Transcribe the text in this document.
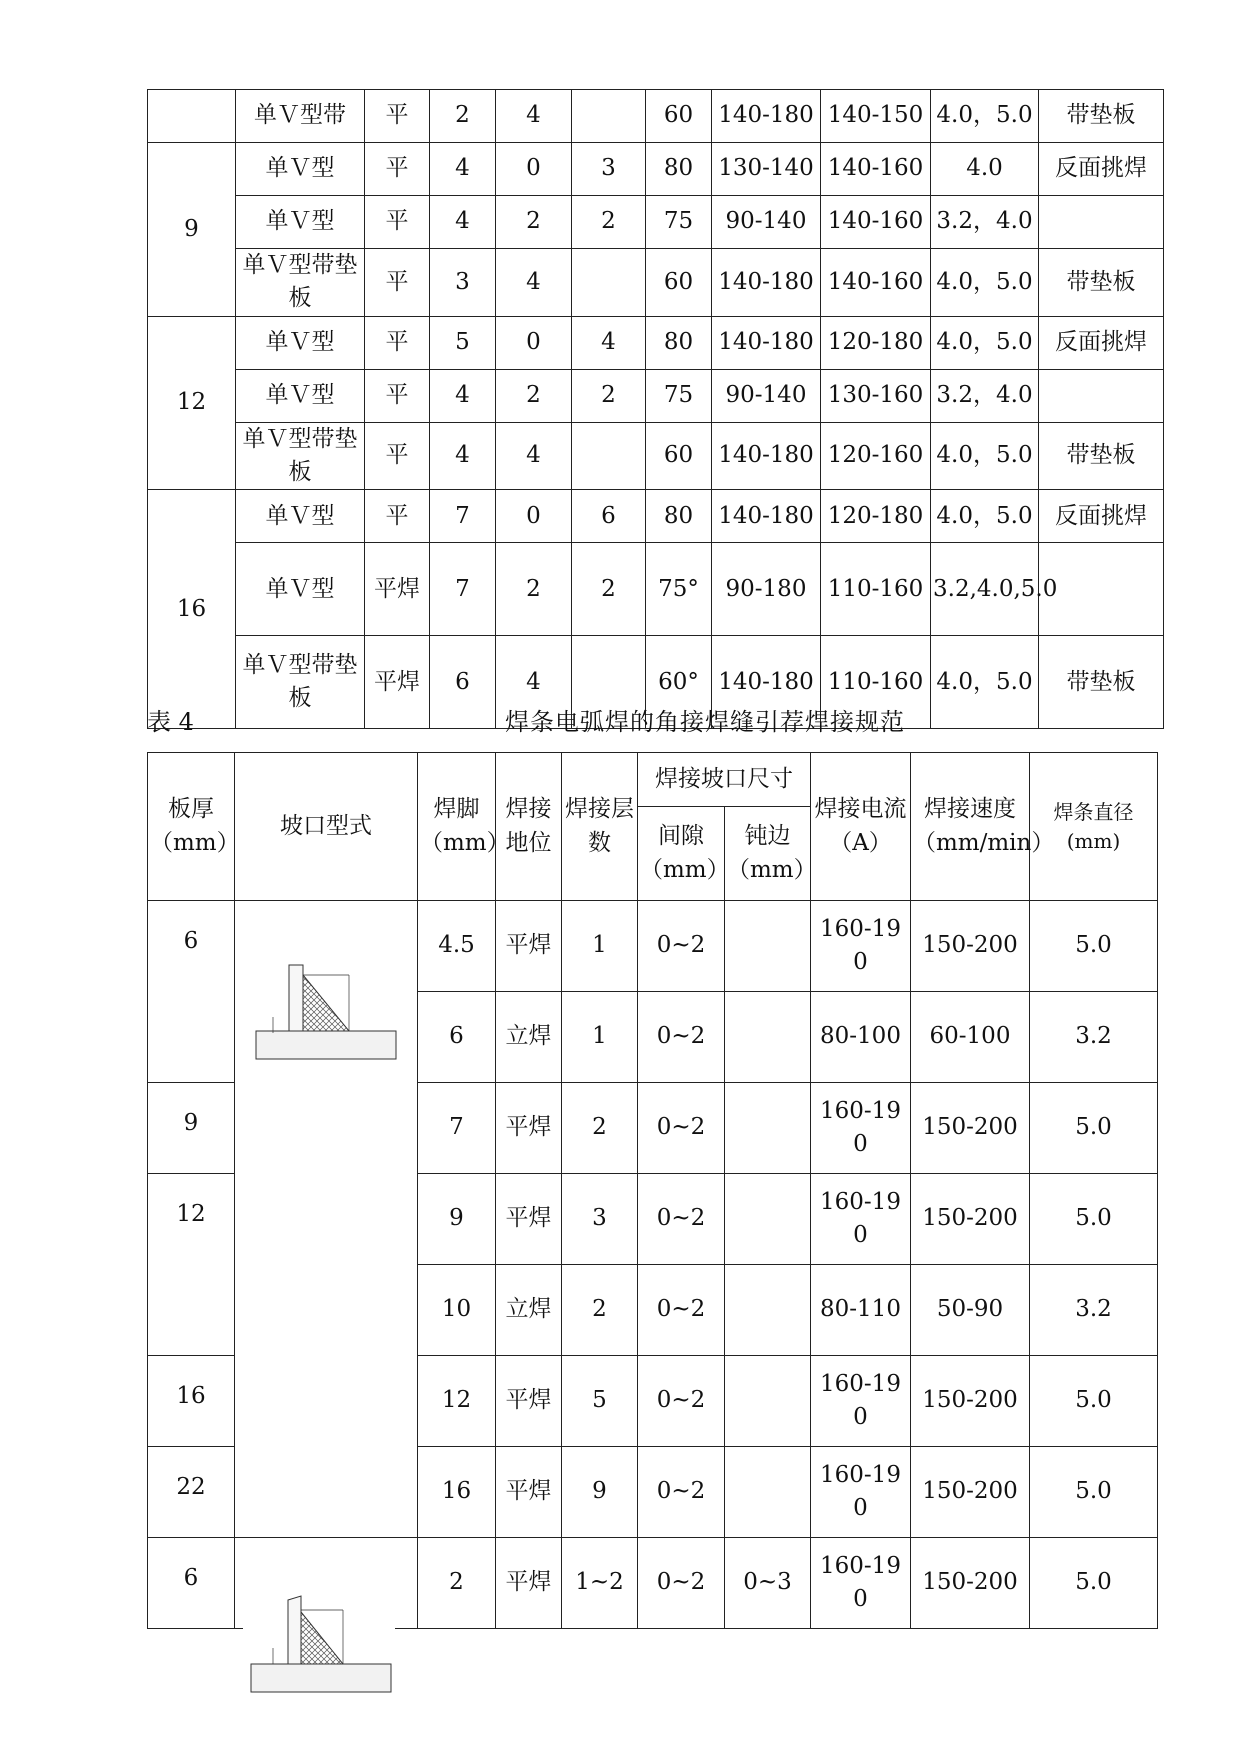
	单Ｖ型带	平	2	4		60	140-180	140-150	4.0，5.0	带垫板
9	单Ｖ型	平	4	0	3	80	130-140	140-160	4.0	反面挑焊
	单Ｖ型	平	4	2	2	75	90-140	140-160	3.2，4.0	
	单Ｖ型带垫板	平	3	4		60	140-180	140-160	4.0，5.0	带垫板
12	单Ｖ型	平	5	0	4	80	140-180	120-180	4.0，5.0	反面挑焊
	单Ｖ型	平	4	2	2	75	90-140	130-160	3.2，4.0	
	单Ｖ型带垫板	平	4	4		60	140-180	120-160	4.0，5.0	带垫板
16	单Ｖ型	平	7	0	6	80	140-180	120-180	4.0，5.0	反面挑焊
	单Ｖ型	平焊	7	2	2	75°	90-180	110-160	3.2,4.0,5.0	
	单Ｖ型带垫板	平焊	6	4		60°	140-180	110-160	4.0，5.0	带垫板
表 4	焊条电弧焊的角接焊缝引荐焊接规范
板厚（mm）	坡口型式	焊脚（mm）	焊接地位	焊接层数	焊接坡口尺寸		焊接电流（A）	焊接速度（mm/min）	焊条直径(mm)
					间隙（mm）	钝边（mm）			
6		4.5	平焊	1	0~2		160-190	150-200	5.0
		6	立焊	1	0~2		80-100	60-100	3.2
9		7	平焊	2	0~2		160-190	150-200	5.0
12		9	平焊	3	0~2		160-190	150-200	5.0
		10	立焊	2	0~2		80-110	50-90	3.2
16		12	平焊	5	0~2		160-190	150-200	5.0
22		16	平焊	9	0~2		160-190	150-200	5.0
6		2	平焊	1~2	0~2	0~3	160-190	150-200	5.0
